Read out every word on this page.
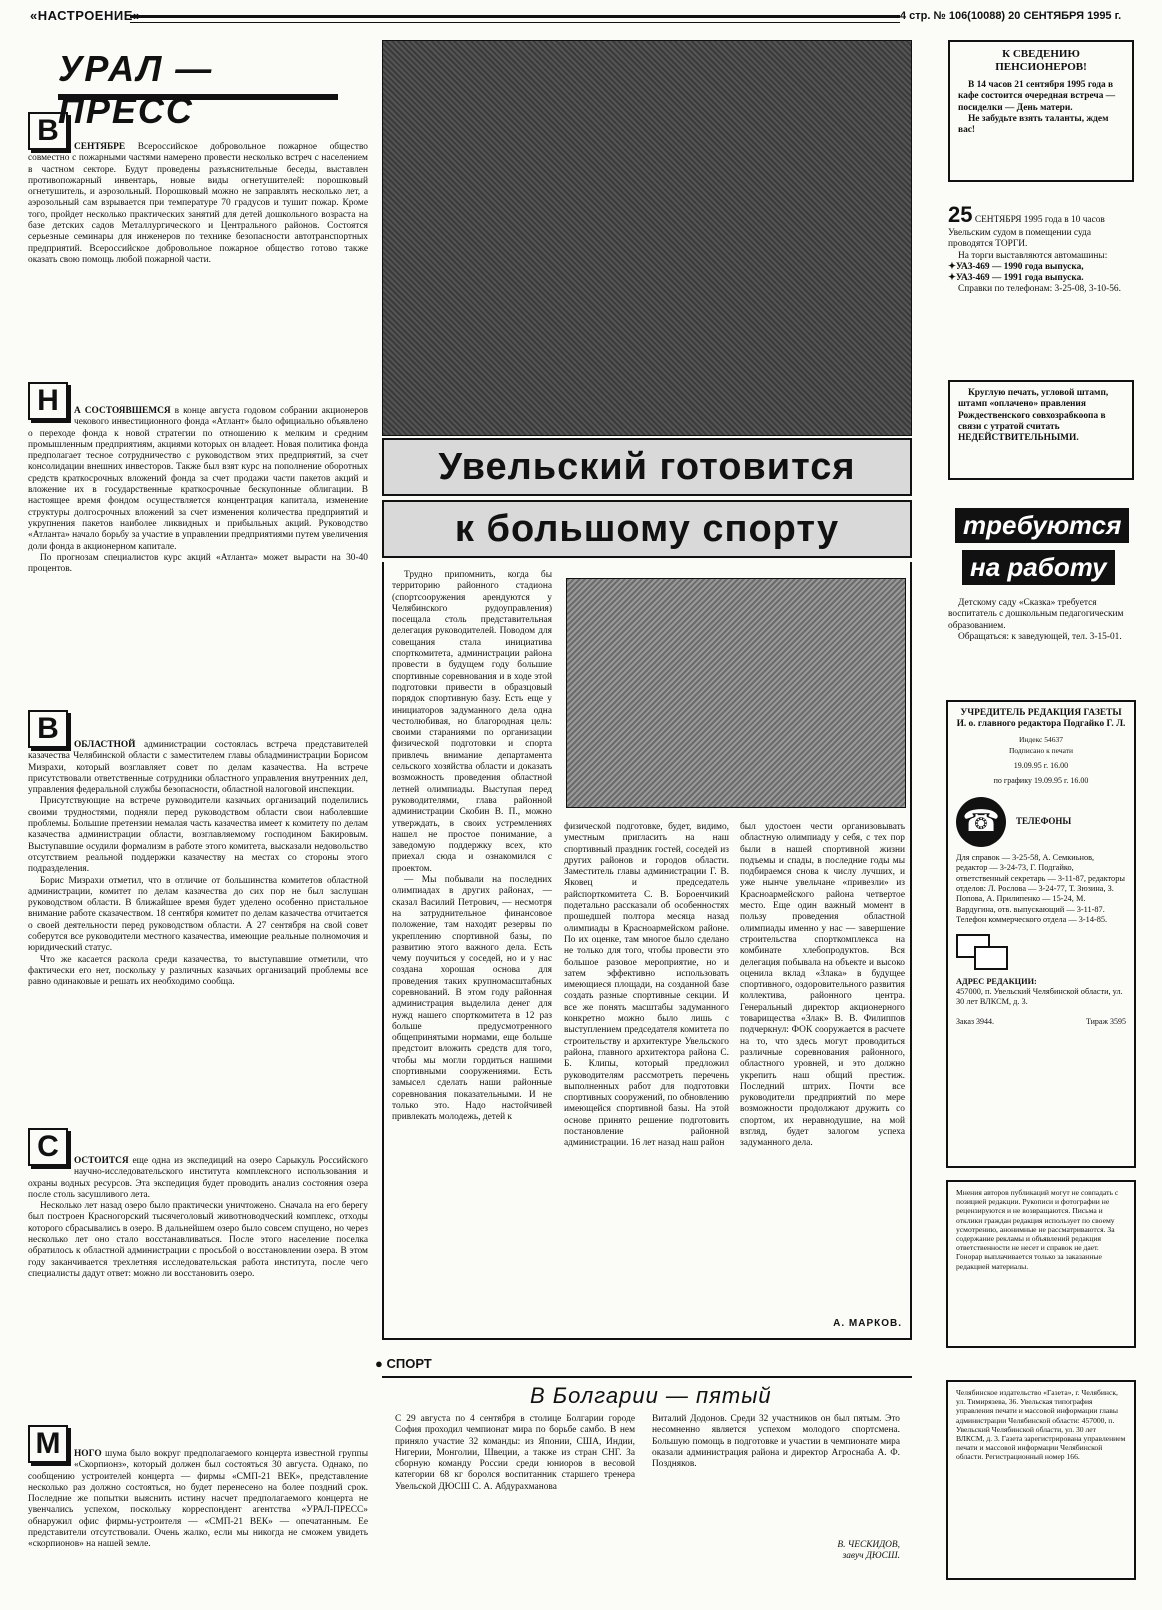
«НАСТРОЕНИЕ»	4 стр. № 106(10088) 20 СЕНТЯБРЯ 1995 г.
УРАЛ — ПРЕСС
В	СЕНТЯБРЕ Всероссийское добровольное пожарное общество совместно с пожарными частями намерено провести несколько встреч с населением в частном секторе. Будут проведены разъяснительные беседы, выставлен противопожарный инвентарь, новые виды огнетушителей: порошковый огнетушитель, и аэрозольный. Порошковый можно не заправлять несколько лет, а аэрозольный сам взрывается при температуре 70 градусов и тушит пожар. Кроме того, пройдет несколько практических занятий для детей дошкольного возраста на базе детских садов Металлургического и Центрального районов. Состоятся серьезные семинары для инженеров по технике безопасности автотранспортных предприятий. Всероссийское добровольное пожарное общество готово также оказать свою помощь любой пожарной части.

Н	А СОСТОЯВШЕМСЯ в конце августа годовом собрании акционеров чекового инвестиционного фонда «Атлант» было официально объявлено о переходе фонда к новой стратегии по отношению к мелким и средним промышленным предприятиям, акциями которых он владеет. Новая политика фонда предполагает тесное сотрудничество с руководством этих предприятий, за счет консолидации внешних инвесторов. Также был взят курс на пополнение оборотных средств краткосрочных вложений фонда за счет продажи части пакетов акций и вложение их в государственные краткосрочные бескупонные облигации. В настоящее время фондом осуществляется концентрация капитала, изменение структуры долгосрочных вложений за счет изменения количества предприятий и укрупнения пакетов наиболее ликвидных и прибыльных акций. Руководство «Атланта» начало борьбу за участие в управлении предприятиями путем увеличения доли фонда в акционерном капитале.

По прогнозам специалистов курс акций «Атланта» может вырасти на 30-40 процентов.

В	ОБЛАСТНОЙ администрации состоялась встреча представителей казачества Челябинской области с заместителем главы обладминистрации Борисом Мизрахи, который возглавляет совет по делам казачества. На встрече присутствовали ответственные сотрудники областного управления внутренних дел, управления федеральной службы безопасности, областной налоговой инспекции.

Присутствующие на встрече руководители казачьих организаций поделились своими трудностями, подняли перед руководством области свои наболевшие проблемы. Большие претензии немалая часть казачества имеет к комитету по делам казачества администрации области, возглавляемому господином Бакировым. Выступавшие осудили формализм в работе этого комитета, высказали недовольство отсутствием реальной поддержки казачеству на местах со стороны этого подразделения.

Борис Мизрахи отметил, что в отличие от большинства комитетов областной администрации, комитет по делам казачества до сих пор не был заслушан руководством области. В ближайшее время будет уделено особенно пристальное внимание работе сказачеством. 18 сентября комитет по делам казачества отчитается о своей деятельности перед руководством области. А 27 сентября на свой совет соберутся все руководители местного казачества, имеющие реальные полномочия и юридический статус.

Что же касается раскола среди казачества, то выступавшие отметили, что фактически его нет, поскольку у различных казачьих организаций проблемы все равно одинаковые и решать их необходимо сообща.

С	ОСТОИТСЯ еще одна из экспедиций на озеро Сарыкуль Российского научно-исследовательского института комплексного использования и охраны водных ресурсов. Эта экспедиция будет проводить анализ состояния озера после столь засушливого лета.

Несколько лет назад озеро было практически уничтожено. Сначала на его берегу был построен Красногорский тысячеголовый животноводческий комплекс, отходы которого сбрасывались в озеро. В дальнейшем озеро было совсем спущено, но через несколько лет оно стало восстанавливаться. После этого население поселка обратилось к областной администрации с просьбой о восстановлении озера. В этом году заканчивается трехлетняя исследовательская работа института, после чего специалисты дадут ответ: можно ли восстановить озеро.

М	НОГО шума было вокруг предполагаемого концерта известной группы «Скорпионз», который должен был состояться 30 августа. Однако, по сообщению устроителей концерта — фирмы «СМП-21 ВЕК», представление несколько раз должно состояться, но будет перенесено на более поздний срок. Последние же попытки выяснить истину насчет предполагаемого концерта не увенчались успехом, поскольку корреспондент агентства «УРАЛ-ПРЕСС» обнаружил офис фирмы-устроителя — «СМП-21 ВЕК» — опечатанным. Ее представители отсутствовали. Очень жалко, если мы никогда не сможем увидеть «скорпионов» на нашей земле.

Увельский готовится
к большому спорту

Трудно припомнить, когда бы территорию районного стадиона (спортсооружения арендуются у Челябинского рудоуправления) посещала столь представительная делегация руководителей. Поводом для совещания стала инициатива спорткомитета, администрации района провести в будущем году большие спортивные соревнования и в ходе этой подготовки привести в образцовый порядок спортивную базу. Есть еще у инициаторов задуманного дела одна честолюбивая, но благородная цель: своими стараниями по организации физической подготовки и спорта привлечь внимание департамента сельского хозяйства области и доказать возможность проведения областной летней олимпиады. Выступая перед руководителями, глава районной администрации Скобин В. П., можно утверждать, в своих устремлениях нашел не простое понимание, а заведомую поддержку всех, кто приехал сюда и ознакомился с проектом.

— Мы побывали на последних олимпиадах в других районах, — сказал Василий Петрович, — несмотря на затруднительное финансовое положение, там находят резервы по укреплению спортивной базы, по развитию этого важного дела. Есть чему поучиться у соседей, но и у нас создана хорошая основа для проведения таких крупномасштабных соревнований. В этом году районная администрация выделила денег для нужд нашего спорткомитета в 12 раз больше предусмотренного общепринятыми нормами, еще больше предстоит вложить средств для того, чтобы мы могли гордиться нашими спортивными сооружениями. Есть замысел сделать наши районные соревнования показательными. И не только это. Надо настойчивей привлекать молодежь, детей к

физической подготовке, будет, видимо, уместным пригласить на наш спортивный праздник гостей, соседей из других районов и городов области. Заместитель главы администрации Г. В. Яковец и председатель райспорткомитета С. В. Бороенчикий подетально рассказали об особенностях прошедшей полтора месяца назад олимпиады в Красноармейском районе. По их оценке, там многое было сделано не только для того, чтобы провести это большое разовое мероприятие, но и затем эффективно использовать имеющиеся площади, на созданной базе создать разные спортивные секции. И все же понять масштабы задуманного конкретно можно было лишь с выступлением председателя комитета по строительству и архитектуре Увельского района, главного архитектора района С. Б. Клипы, который предложил руководителям рассмотреть перечень выполненных работ для подготовки спортивных сооружений, по обновлению имеющейся спортивной базы. На этой основе принято решение подготовить постановление районной администрации. 16 лет назад наш район
был удостоен чести организовывать областную олимпиаду у себя, с тех пор были в нашей спортивной жизни подъемы и спады, в последние годы мы подбираемся снова к числу лучших, и уже нынче увельчане «привезли» из Красноармейского района четвертое место. Еще один важный момент в пользу проведения областной олимпиады именно у нас — завершение строительства спорткомплекса на комбинате хлебопродуктов. Вся делегация побывала на объекте и высоко оценила вклад «Злака» в будущее спортивного, оздоровительного развития коллектива, районного центра. Генеральный директор акционерного товарищества «Злак» В. В. Филиппов подчеркнул: ФОК сооружается в расчете на то, что здесь могут проводиться различные соревнования районного, областного уровней, и это должно укрепить наш общий престиж. Последний штрих. Почти все руководители предприятий по мере возможности продолжают дружить со спортом, их неравнодушие, на мой взгляд, будет залогом успеха задуманного дела.
А. МАРКОВ.
● СПОРТ
В Болгарии — пятый
С 29 августа по 4 сентября в столице Болгарии городе София проходил чемпионат мира по борьбе самбо. В нем приняло участие 32 команды: из Японии, США, Индии, Нигерии, Монголии, Швеции, а также из стран СНГ. За сборную команду России среди юниоров в весовой категории 68 кг боролся воспитанник старшего тренера Увельской ДЮСШ С. А. Абдурахманова
Виталий Додонов. Среди 32 участников он был пятым. Это несомненно является успехом молодого спортсмена. Большую помощь в подготовке и участии в чемпионате мира оказали администрация района и директор Агроснаба А. Ф. Поздняков.
В. ЧЕСКИДОВ,
завуч ДЮСШ.
К СВЕДЕНИЮ ПЕНСИОНЕРОВ!

В 14 часов 21 сентября 1995 года в кафе состоится очередная встреча — посиделки — День матери.

Не забудьте взять таланты, ждем вас!

25 СЕНТЯБРЯ 1995 года в 10 часов Увельским судом в помещении суда проводятся ТОРГИ.

На торги выставляются автомашины:

✦УАЗ-469 — 1990 года выпуска,

✦УАЗ-469 — 1991 года выпуска.

Справки по телефонам: 3-25-08, 3-10-56.

Круглую печать, угловой штамп, штамп «оплачено» правления Рождественского совхозрабкоопа в связи с утратой считать НЕДЕЙСТВИТЕЛЬНЫМИ.

требуются
на работу

Детскому саду «Сказка» требуется воспитатель с дошкольным педагогическим образованием.

Обращаться: к заведующей, тел. 3-15-01.

УЧРЕДИТЕЛЬ РЕДАКЦИЯ ГАЗЕТЫ
И. о. главного редактора Подгайко Г. Л.
Индекс 54637
Подписано к печати
19.09.95 г. 16.00
по графику 19.09.95 г. 16.00
☎	ТЕЛЕФОНЫ

Для справок — 3-25-58, А. Семкиьнов, редактор — 3-24-73, Г. Подгайко, ответственный секретарь — 3-11-87, редакторы отделов: Л. Рослова — 3-24-77, Т. Зюзина, З. Попова, А. Прилипенко — 15-24, М. Вардугина, отв. выпускающий — 3-11-87. Телефон коммерческого отдела — 3-14-85.

АДРЕС РЕДАКЦИИ:

457000, п. Увельский Челябинской области, ул. 30 лет ВЛКСМ, д. 3.

Заказ 3944.	Тираж 3595
Мнения авторов публикаций могут не совпадать с позицией редакции. Рукописи и фотографии не рецензируются и не возвращаются. Письма и отклики граждан редакция использует по своему усмотрению, анонимные не рассматриваются. За содержание рекламы и объявлений редакция ответственности не несет и справок не дает. Гонорар выплачивается только за заказанные редакцией материалы.
Челябинское издательство «Газета», г. Челябинск, ул. Тимирязева, 36. Увельская типография управления печати и массовой информации главы администрации Челябинской области: 457000, п. Увельский Челябинской области, ул. 30 лет ВЛКСМ, д. 3. Газета зарегистрирована управлением печати и массовой информации Челябинской области. Регистрационный номер 166.
